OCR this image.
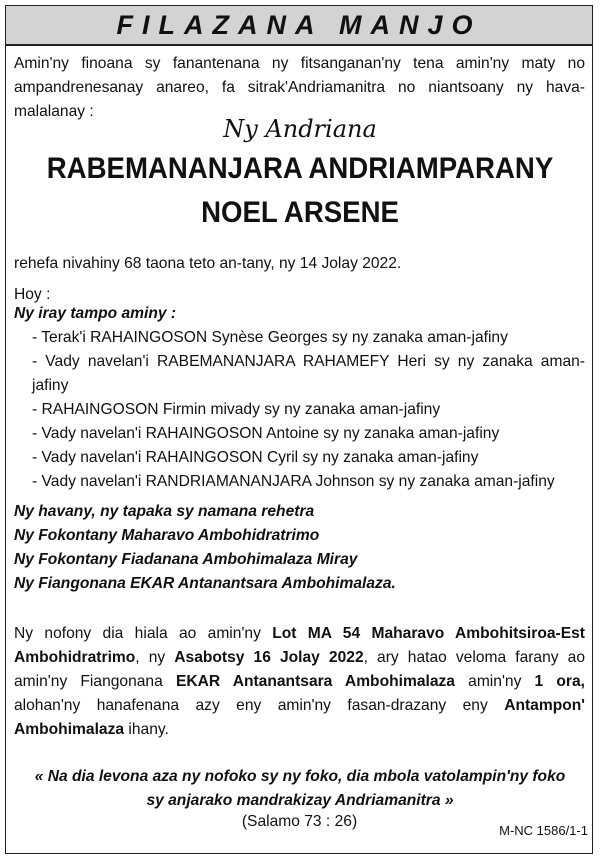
FILAZANA MANJO
Amin'ny finoana sy fanantenana ny fitsanganan'ny tena amin'ny maty no ampandrenesanay anareo, fa sitrak'Andriamanitra no niantsoany ny hava-malalanay :
Ny Andriana
RABEMANANJARA ANDRIAMPARANY
NOEL ARSENE
rehefa nivahiny 68 taona teto an-tany, ny 14 Jolay 2022.
Hoy :
Ny iray tampo aminy :
- Terak'i RAHAINGOSON Synèse Georges sy ny zanaka aman-jafiny
- Vady navelan'i RABEMANANJARA RAHAMEFY Heri sy ny zanaka aman-jafiny
- RAHAINGOSON Firmin mivady sy ny zanaka aman-jafiny
- Vady navelan'i RAHAINGOSON Antoine sy ny zanaka aman-jafiny
- Vady navelan'i RAHAINGOSON Cyril sy ny zanaka aman-jafiny
- Vady navelan'i RANDRIAMANANJARA Johnson sy ny zanaka aman-jafiny
Ny havany, ny tapaka sy namana rehetra
Ny Fokontany Maharavo Ambohidratrimo
Ny Fokontany Fiadanana Ambohimalaza Miray
Ny Fiangonana EKAR Antanantsara Ambohimalaza.
Ny nofony dia hiala ao amin'ny Lot MA 54 Maharavo Ambohitsiroa-Est Ambohidratrimo, ny Asabotsy 16 Jolay 2022, ary hatao veloma farany ao amin'ny Fiangonana EKAR Antanantsara Ambohimalaza amin'ny 1 ora, alohan'ny hanafenana azy eny amin'ny fasan-drazany eny Antampon' Ambohimalaza ihany.
« Na dia levona aza ny nofoko sy ny foko, dia mbola vatolampin'ny foko sy anjarako mandrakizay Andriamanitra »
(Salamo 73 : 26)
M-NC 1586/1-1
